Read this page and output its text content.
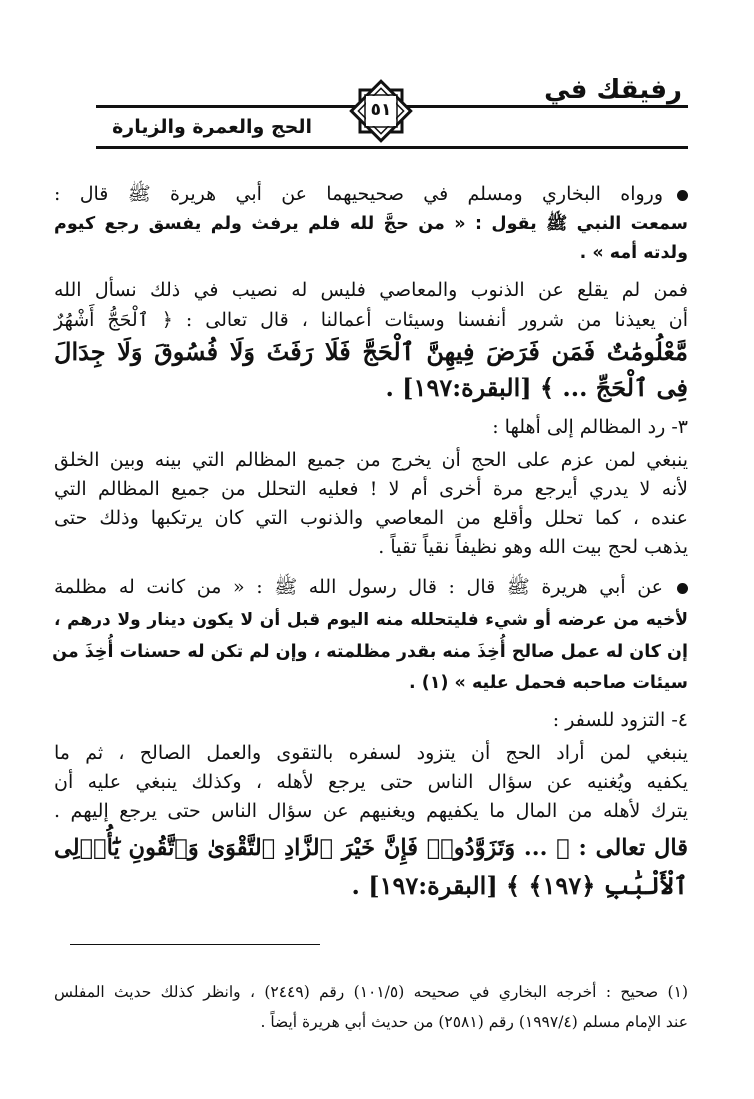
رفيقك في
الحج والعمرة والزيارة
٥١
ورواه البخاري ومسلم في صحيحيهما عن أبي هريرة ﷺ قال :
سمعت النبي ﷺ يقول : « من حجَّ لله فلم يرفث ولم يفسق رجع كيوم
ولدته أمه » .
فمن لم يقلع عن الذنوب والمعاصي فليس له نصيب في ذلك نسأل الله
أن يعيذنا من شرور أنفسنا وسيئات أعمالنا ، قال تعالى : ﴿ ٱلْحَجُّ أَشْهُرٌ
مَّعْلُومَٰتٌ فَمَن فَرَضَ فِيهِنَّ ٱلْحَجَّ فَلَا رَفَثَ وَلَا فُسُوقَ وَلَا جِدَالَ
فِى ٱلْحَجِّ ... ﴾ [البقرة:١٩٧] .
٣- رد المظالم إلى أهلها :
ينبغي لمن عزم على الحج أن يخرج من جميع المظالم التي بينه وبين الخلق
لأنه لا يدري أيرجع مرة أخرى أم لا ! فعليه التحلل من جميع المظالم التي
عنده ، كما تحلل وأقلع من المعاصي والذنوب التي كان يرتكبها وذلك حتى
يذهب لحج بيت الله وهو نظيفاً نقياً تقياً .
عن أبي هريرة ﷺ قال : قال رسول الله ﷺ : « من كانت له مظلمة
لأخيه من عرضه أو شيء فليتحلله منه اليوم قبل أن لا يكون دينار ولا درهم ،
إن كان له عمل صالح أُخِذَ منه بقدر مظلمته ، وإن لم تكن له حسنات أُخِذَ من
سيئات صاحبه فحمل عليه » (١) .
٤- التزود للسفر :
ينبغي لمن أراد الحج أن يتزود لسفره بالتقوى والعمل الصالح ، ثم ما
يكفيه ويُغنيه عن سؤال الناس حتى يرجع لأهله ، وكذلك ينبغي عليه أن
يترك لأهله من المال ما يكفيهم ويغنيهم عن سؤال الناس حتى يرجع إليهم .
قال تعالى : ﴿ ... وَتَزَوَّدُوا۟ فَإِنَّ خَيْرَ ٱلزَّادِ ٱلتَّقْوَىٰ وَٱتَّقُونِ يَٰٓأُو۟لِى
ٱلْأَلْبَٰبِ ﴿١٩٧﴾ ﴾ [البقرة:١٩٧] .
(١) صحيح : أخرجه البخاري في صحيحه (١٠١/٥) رقم (٢٤٤٩) ، وانظر كذلك حديث المفلس
عند الإمام مسلم (١٩٩٧/٤) رقم (٢٥٨١) من حديث أبي هريرة أيضاً .
